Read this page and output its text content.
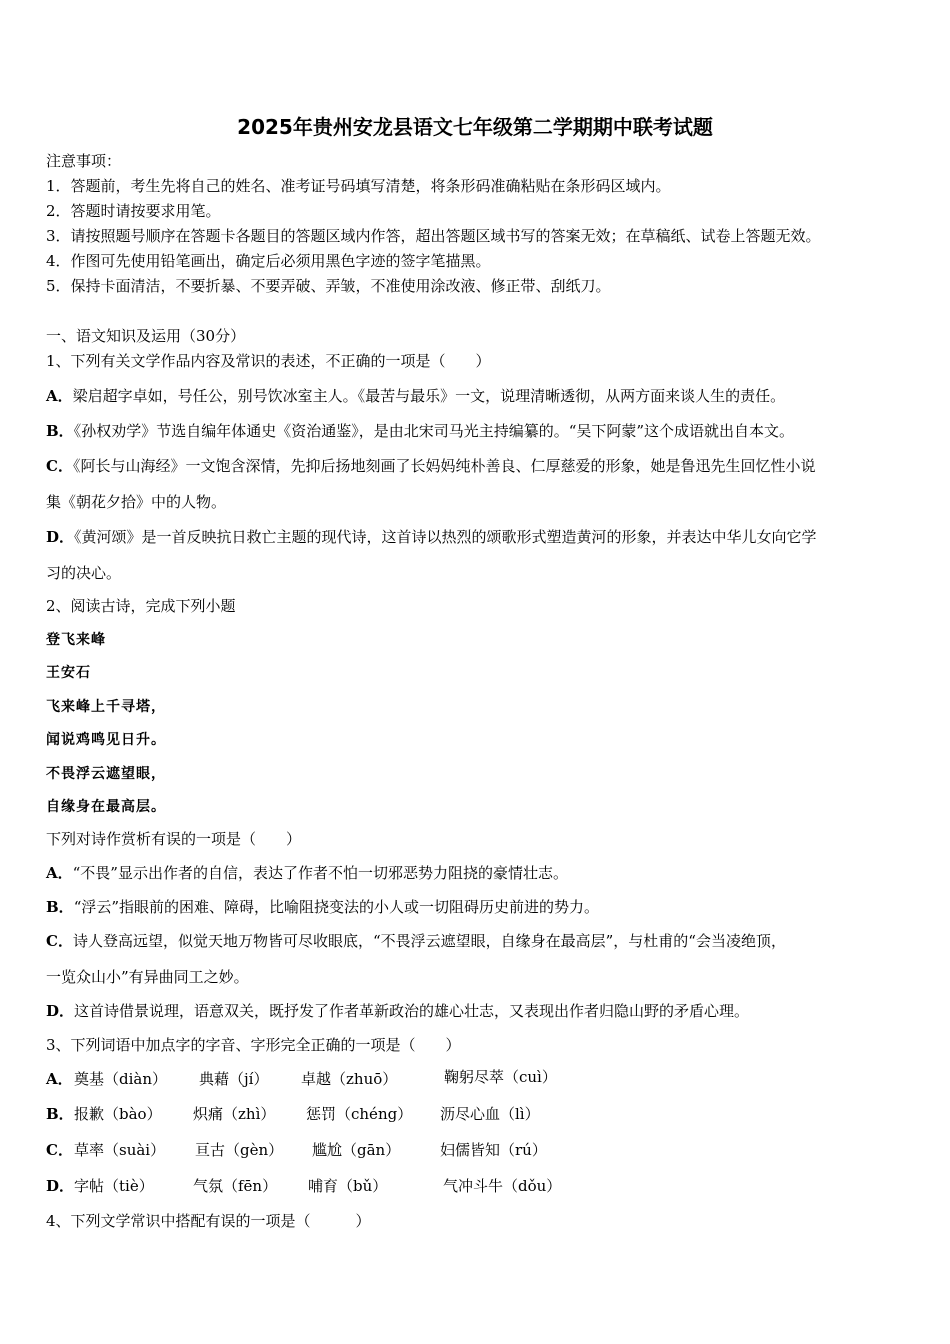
2025年贵州安龙县语文七年级第二学期期中联考试题
注意事项：
1．答题前，考生先将自己的姓名、准考证号码填写清楚，将条形码准确粘贴在条形码区域内。
2．答题时请按要求用笔。
3．请按照题号顺序在答题卡各题目的答题区域内作答，超出答题区域书写的答案无效；在草稿纸、试卷上答题无效。
4．作图可先使用铅笔画出，确定后必须用黑色字迹的签字笔描黑。
5．保持卡面清洁，不要折暴、不要弄破、弄皱，不准使用涂改液、修正带、刮纸刀。
一、语文知识及运用（30分）
1、下列有关文学作品内容及常识的表述，不正确的一项是（　　）
A．梁启超字卓如，号任公，别号饮冰室主人。《最苦与最乐》一文，说理清晰透彻，从两方面来谈人生的责任。
B．《孙权劝学》节选自编年体通史《资治通鉴》，是由北宋司马光主持编纂的。“吴下阿蒙”这个成语就出自本文。
C．《阿长与山海经》一文饱含深情，先抑后扬地刻画了长妈妈纯朴善良、仁厚慈爱的形象，她是鲁迅先生回忆性小说
集《朝花夕拾》中的人物。
D．《黄河颂》是一首反映抗日救亡主题的现代诗，这首诗以热烈的颂歌形式塑造黄河的形象，并表达中华儿女向它学
习的决心。
2、阅读古诗，完成下列小题
登飞来峰
王安石
飞来峰上千寻塔，
闻说鸡鸣见日升。
不畏浮云遮望眼，
自缘身在最高层。
下列对诗作赏析有误的一项是（　　）
A．“不畏”显示出作者的自信，表达了作者不怕一切邪恶势力阻挠的豪情壮志。
B．“浮云”指眼前的困难、障碍，比喻阻挠变法的小人或一切阻碍历史前进的势力。
C．诗人登高远望，似觉天地万物皆可尽收眼底，“不畏浮云遮望眼，自缘身在最高层”，与杜甫的“会当凌绝顶，
一览众山小”有异曲同工之妙。
D．这首诗借景说理，语意双关，既抒发了作者革新政治的雄心壮志，又表现出作者归隐山野的矛盾心理。
3、下列词语中加点字的字音、字形完全正确的一项是（　　）
A． 奠基（diàn） 典藉（jí） 卓越（zhuō）	鞠躬尽萃（cuì）
B． 报歉（bào） 炽痛（zhì） 惩罚（chéng） 沥尽心血（lì）
C． 草率（suài） 亘古（gèn） 尴尬（gān）	妇儒皆知（rú）
D． 字帖（tiè）	气氛（fēn） 哺育（bǔ）	气冲斗牛（dǒu）
4、下列文学常识中搭配有误的一项是（　　　）
